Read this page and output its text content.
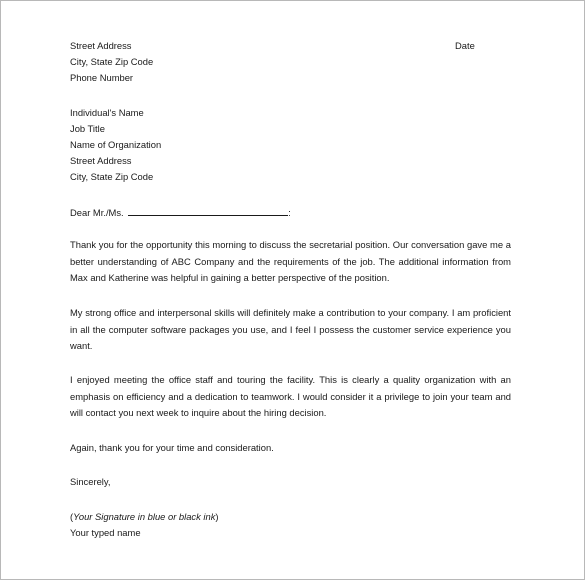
Street Address	Date
City, State Zip Code
Phone Number
Individual's Name
Job Title
Name of Organization
Street Address
City, State Zip Code
Dear Mr./Ms.	:
Thank you for the opportunity this morning to discuss the secretarial position. Our conversation gave me a better understanding of ABC Company and the requirements of the job. The additional information from Max and Katherine was helpful in gaining a better perspective of the position.
My strong office and interpersonal skills will definitely make a contribution to your company. I am proficient in all the computer software packages you use, and I feel I possess the customer service experience you want.
I enjoyed meeting the office staff and touring the facility. This is clearly a quality organization with an emphasis on efficiency and a dedication to teamwork. I would consider it a privilege to join your team and will contact you next week to inquire about the hiring decision.
Again, thank you for your time and consideration.
Sincerely,
(Your Signature in blue or black ink)
Your typed name
